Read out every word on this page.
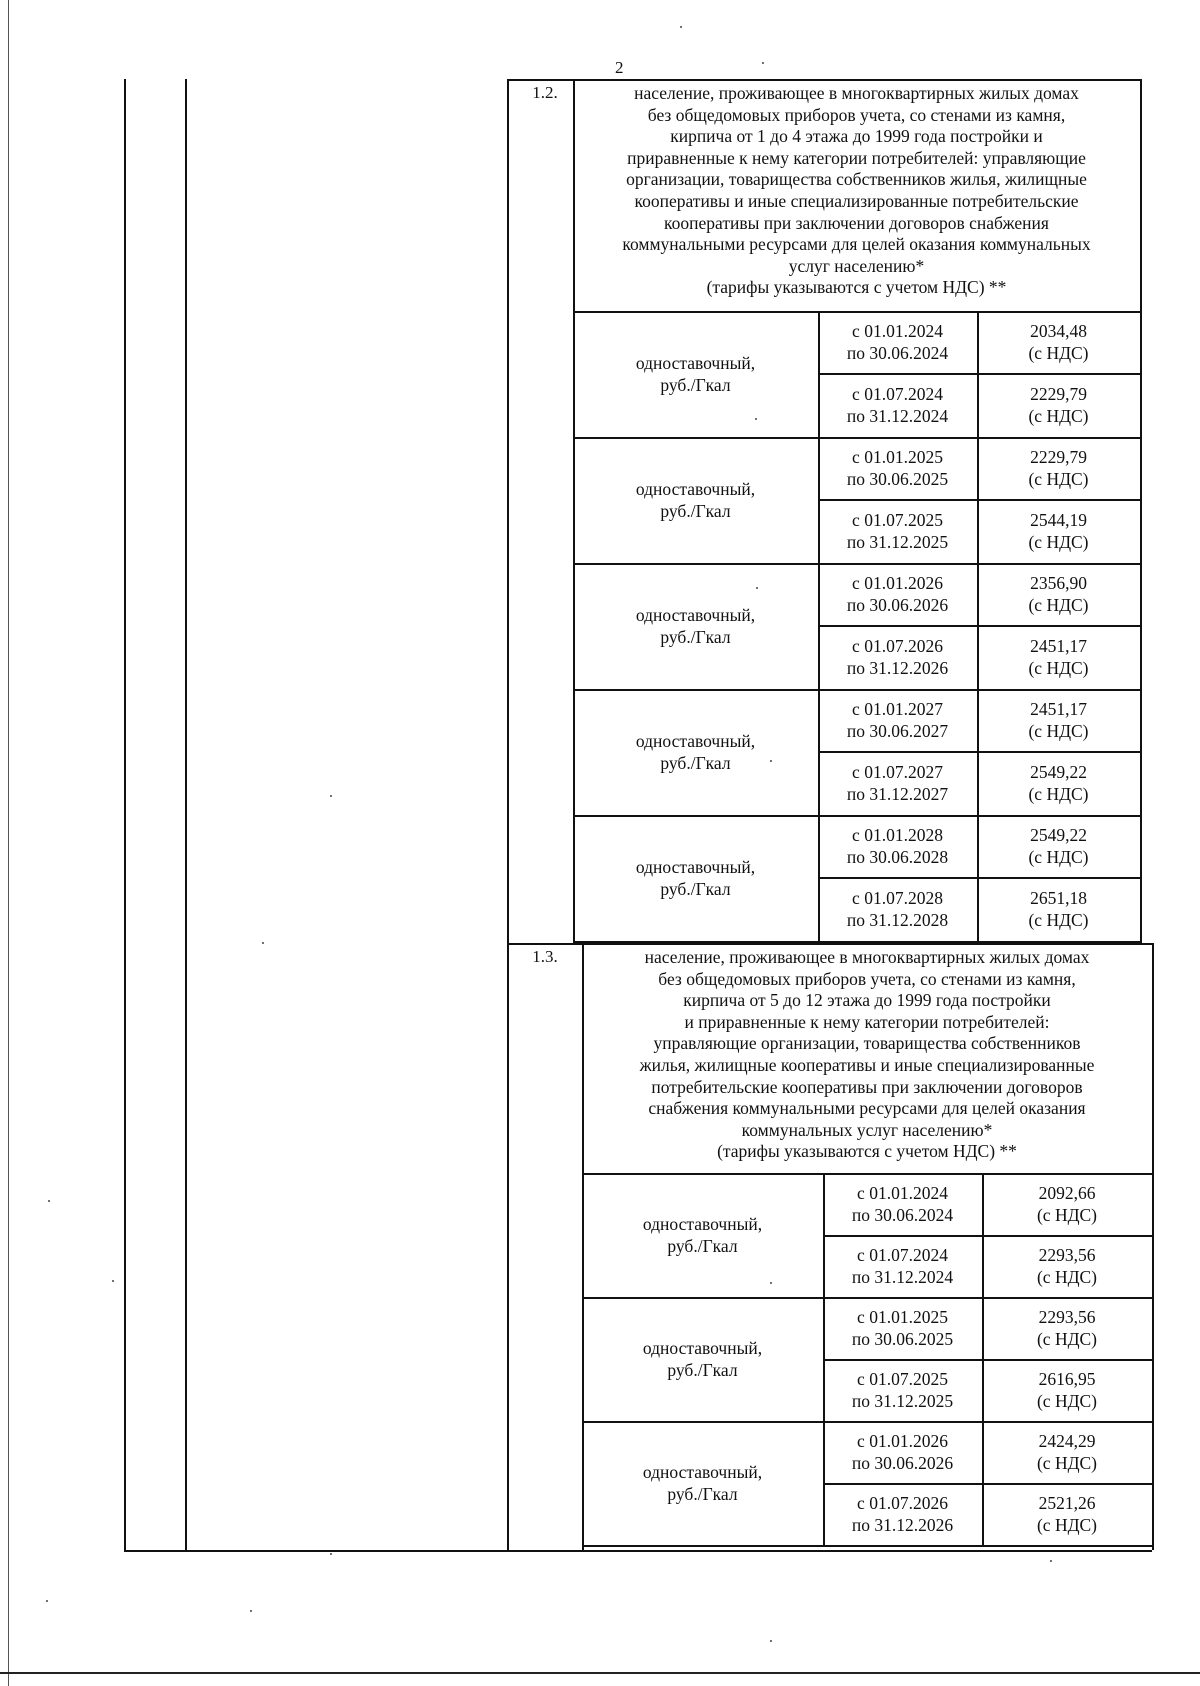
2
1.2.	население, проживающее в многоквартирных жилых домах
без общедомовых приборов учета, со стенами из камня,
кирпича от 1 до 4 этажа до 1999 года постройки и
приравненные к нему категории потребителей: управляющие
организации, товарищества собственников жилья, жилищные
кооперативы и иные специализированные потребительские
кооперативы при заключении договоров снабжения
коммунальными ресурсами для целей оказания коммунальных
услуг населению*
(тарифы указываются с учетом НДС) **
одноставочный,
руб./Гкал
с 01.01.2024
по 30.06.2024
2034,48
(с НДС)
с 01.07.2024
по 31.12.2024
2229,79
(с НДС)
одноставочный,
руб./Гкал
с 01.01.2025
по 30.06.2025
2229,79
(с НДС)
с 01.07.2025
по 31.12.2025
2544,19
(с НДС)
одноставочный,
руб./Гкал
с 01.01.2026
по 30.06.2026
2356,90
(с НДС)
с 01.07.2026
по 31.12.2026
2451,17
(с НДС)
одноставочный,
руб./Гкал
с 01.01.2027
по 30.06.2027
2451,17
(с НДС)
с 01.07.2027
по 31.12.2027
2549,22
(с НДС)
одноставочный,
руб./Гкал
с 01.01.2028
по 30.06.2028
2549,22
(с НДС)
с 01.07.2028
по 31.12.2028
2651,18
(с НДС)
1.3.	население, проживающее в многоквартирных жилых домах
без общедомовых приборов учета, со стенами из камня,
кирпича от 5 до 12 этажа до 1999 года постройки
и приравненные к нему категории потребителей:
управляющие организации, товарищества собственников
жилья, жилищные кооперативы и иные специализированные
потребительские кооперативы при заключении договоров
снабжения коммунальными ресурсами для целей оказания
коммунальных услуг населению*
(тарифы указываются с учетом НДС) **
одноставочный,
руб./Гкал
с 01.01.2024
по 30.06.2024
2092,66
(с НДС)
с 01.07.2024
по 31.12.2024
2293,56
(с НДС)
одноставочный,
руб./Гкал
с 01.01.2025
по 30.06.2025
2293,56
(с НДС)
с 01.07.2025
по 31.12.2025
2616,95
(с НДС)
одноставочный,
руб./Гкал
с 01.01.2026
по 30.06.2026
2424,29
(с НДС)
с 01.07.2026
по 31.12.2026
2521,26
(с НДС)
